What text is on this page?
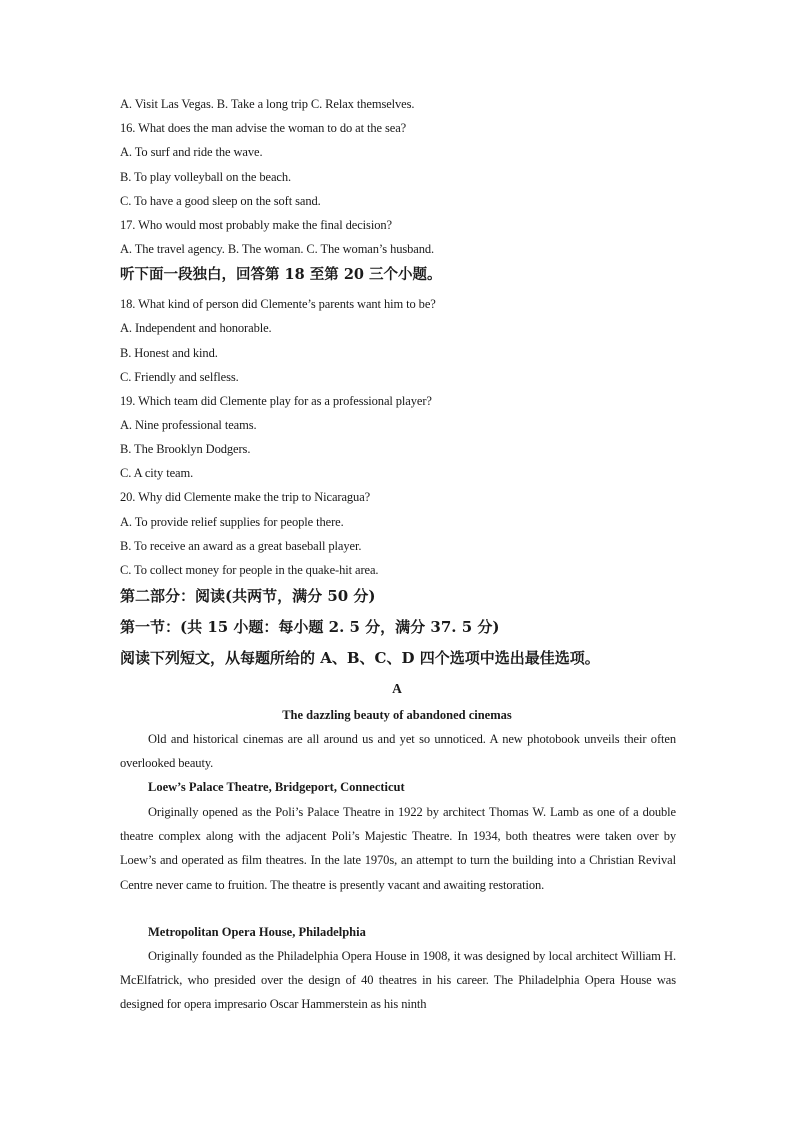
A. Visit Las Vegas. B. Take a long trip C. Relax themselves.
16. What does the man advise the woman to do at the sea?
A. To surf and ride the wave.
B. To play volleyball on the beach.
C. To have a good sleep on the soft sand.
17. Who would most probably make the final decision?
A. The travel agency. B. The woman. C. The woman’s husband.
听下面一段独白，回答第 18 至第 20 三个小题。
18. What kind of person did Clemente’s parents want him to be?
A. Independent and honorable.
B. Honest and kind.
C. Friendly and selfless.
19. Which team did Clemente play for as a professional player?
A. Nine professional teams.
B. The Brooklyn Dodgers.
C. A city team.
20. Why did Clemente make the trip to Nicaragua?
A. To provide relief supplies for people there.
B. To receive an award as a great baseball player.
C. To collect money for people in the quake-hit area.
第二部分：阅读(共两节，满分 50 分)
第一节：(共 15 小题：每小题 2. 5 分，满分 37. 5 分)
阅读下列短文，从每题所给的 A、B、C、D 四个选项中选出最佳选项。
A
The dazzling beauty of abandoned cinemas
Old and historical cinemas are all around us and yet so unnoticed. A new photobook unveils their often overlooked beauty.
Loew’s Palace Theatre, Bridgeport, Connecticut
Originally opened as the Poli’s Palace Theatre in 1922 by architect Thomas W. Lamb as one of a double theatre complex along with the adjacent Poli’s Majestic Theatre. In 1934, both theatres were taken over by Loew’s and operated as film theatres. In the late 1970s, an attempt to turn the building into a Christian Revival Centre never came to fruition. The theatre is presently vacant and awaiting restoration.
Metropolitan Opera House, Philadelphia
Originally founded as the Philadelphia Opera House in 1908, it was designed by local architect William H. McElfatrick, who presided over the design of 40 theatres in his career. The Philadelphia Opera House was designed for opera impresario Oscar Hammerstein as his ninth
